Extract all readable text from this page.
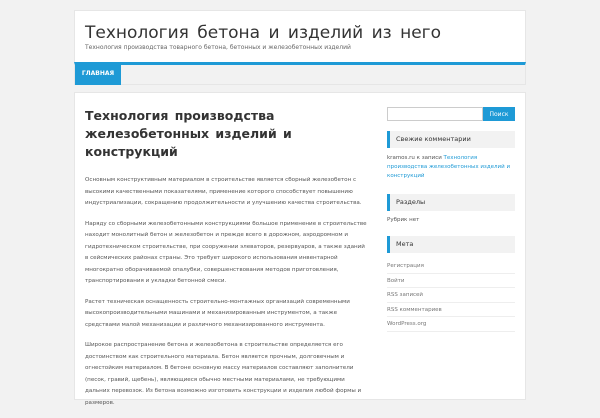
Технология бетона и изделий из него
Технология производства товарного бетона, бетонных и железобетонных изделий
ГЛАВНАЯ
Технология производства железобетонных изделий и конструкций

Основным конструктивным материалом в строительстве является сборный железобетон с высокими качественными показателями, применение которого способствует повышению индустриализации, сокращению продолжительности и улучшению качества строительства.

Наряду со сборными железобетонными конструкциями большое применение в строительстве находит монолитный бетон и железобетон и прежде всего в дорожном, аэродромном и гидротехническом строительстве, при сооружении элеваторов, резервуаров, а также зданий в сейсмических районах страны. Это требует широкого использования инвентарной многократно оборачиваемой опалубки, совершенствования методов приготовления, транспортирования и укладки бетонной смеси.

Растет техническая оснащенность строительно-монтажных организаций современными высокопроизводительными машинами и механизированным инструментом, а также средствами малой механизации и различного механизированного инструмента.

Широкое распространение бетона и железобетона в строительстве определяется его достоинством как строительного материала. Бетон является прочным, долговечным и огнестойким материалом. В бетоне основную массу материалов составляют заполнители (песок, гравий, щебень), являющиеся обычно местными материалами, не требующими дальних перевозок. Из бетона возможно изготовить конструкции и изделия любой формы и размеров.

Поиск
Свежие комментарии
kramos.ru к записи Технология производства железобетонных изделий и конструкций
Разделы
Рубрик нет
Мета
Регистрация
Войти
RSS записей
RSS комментариев
WordPress.org
